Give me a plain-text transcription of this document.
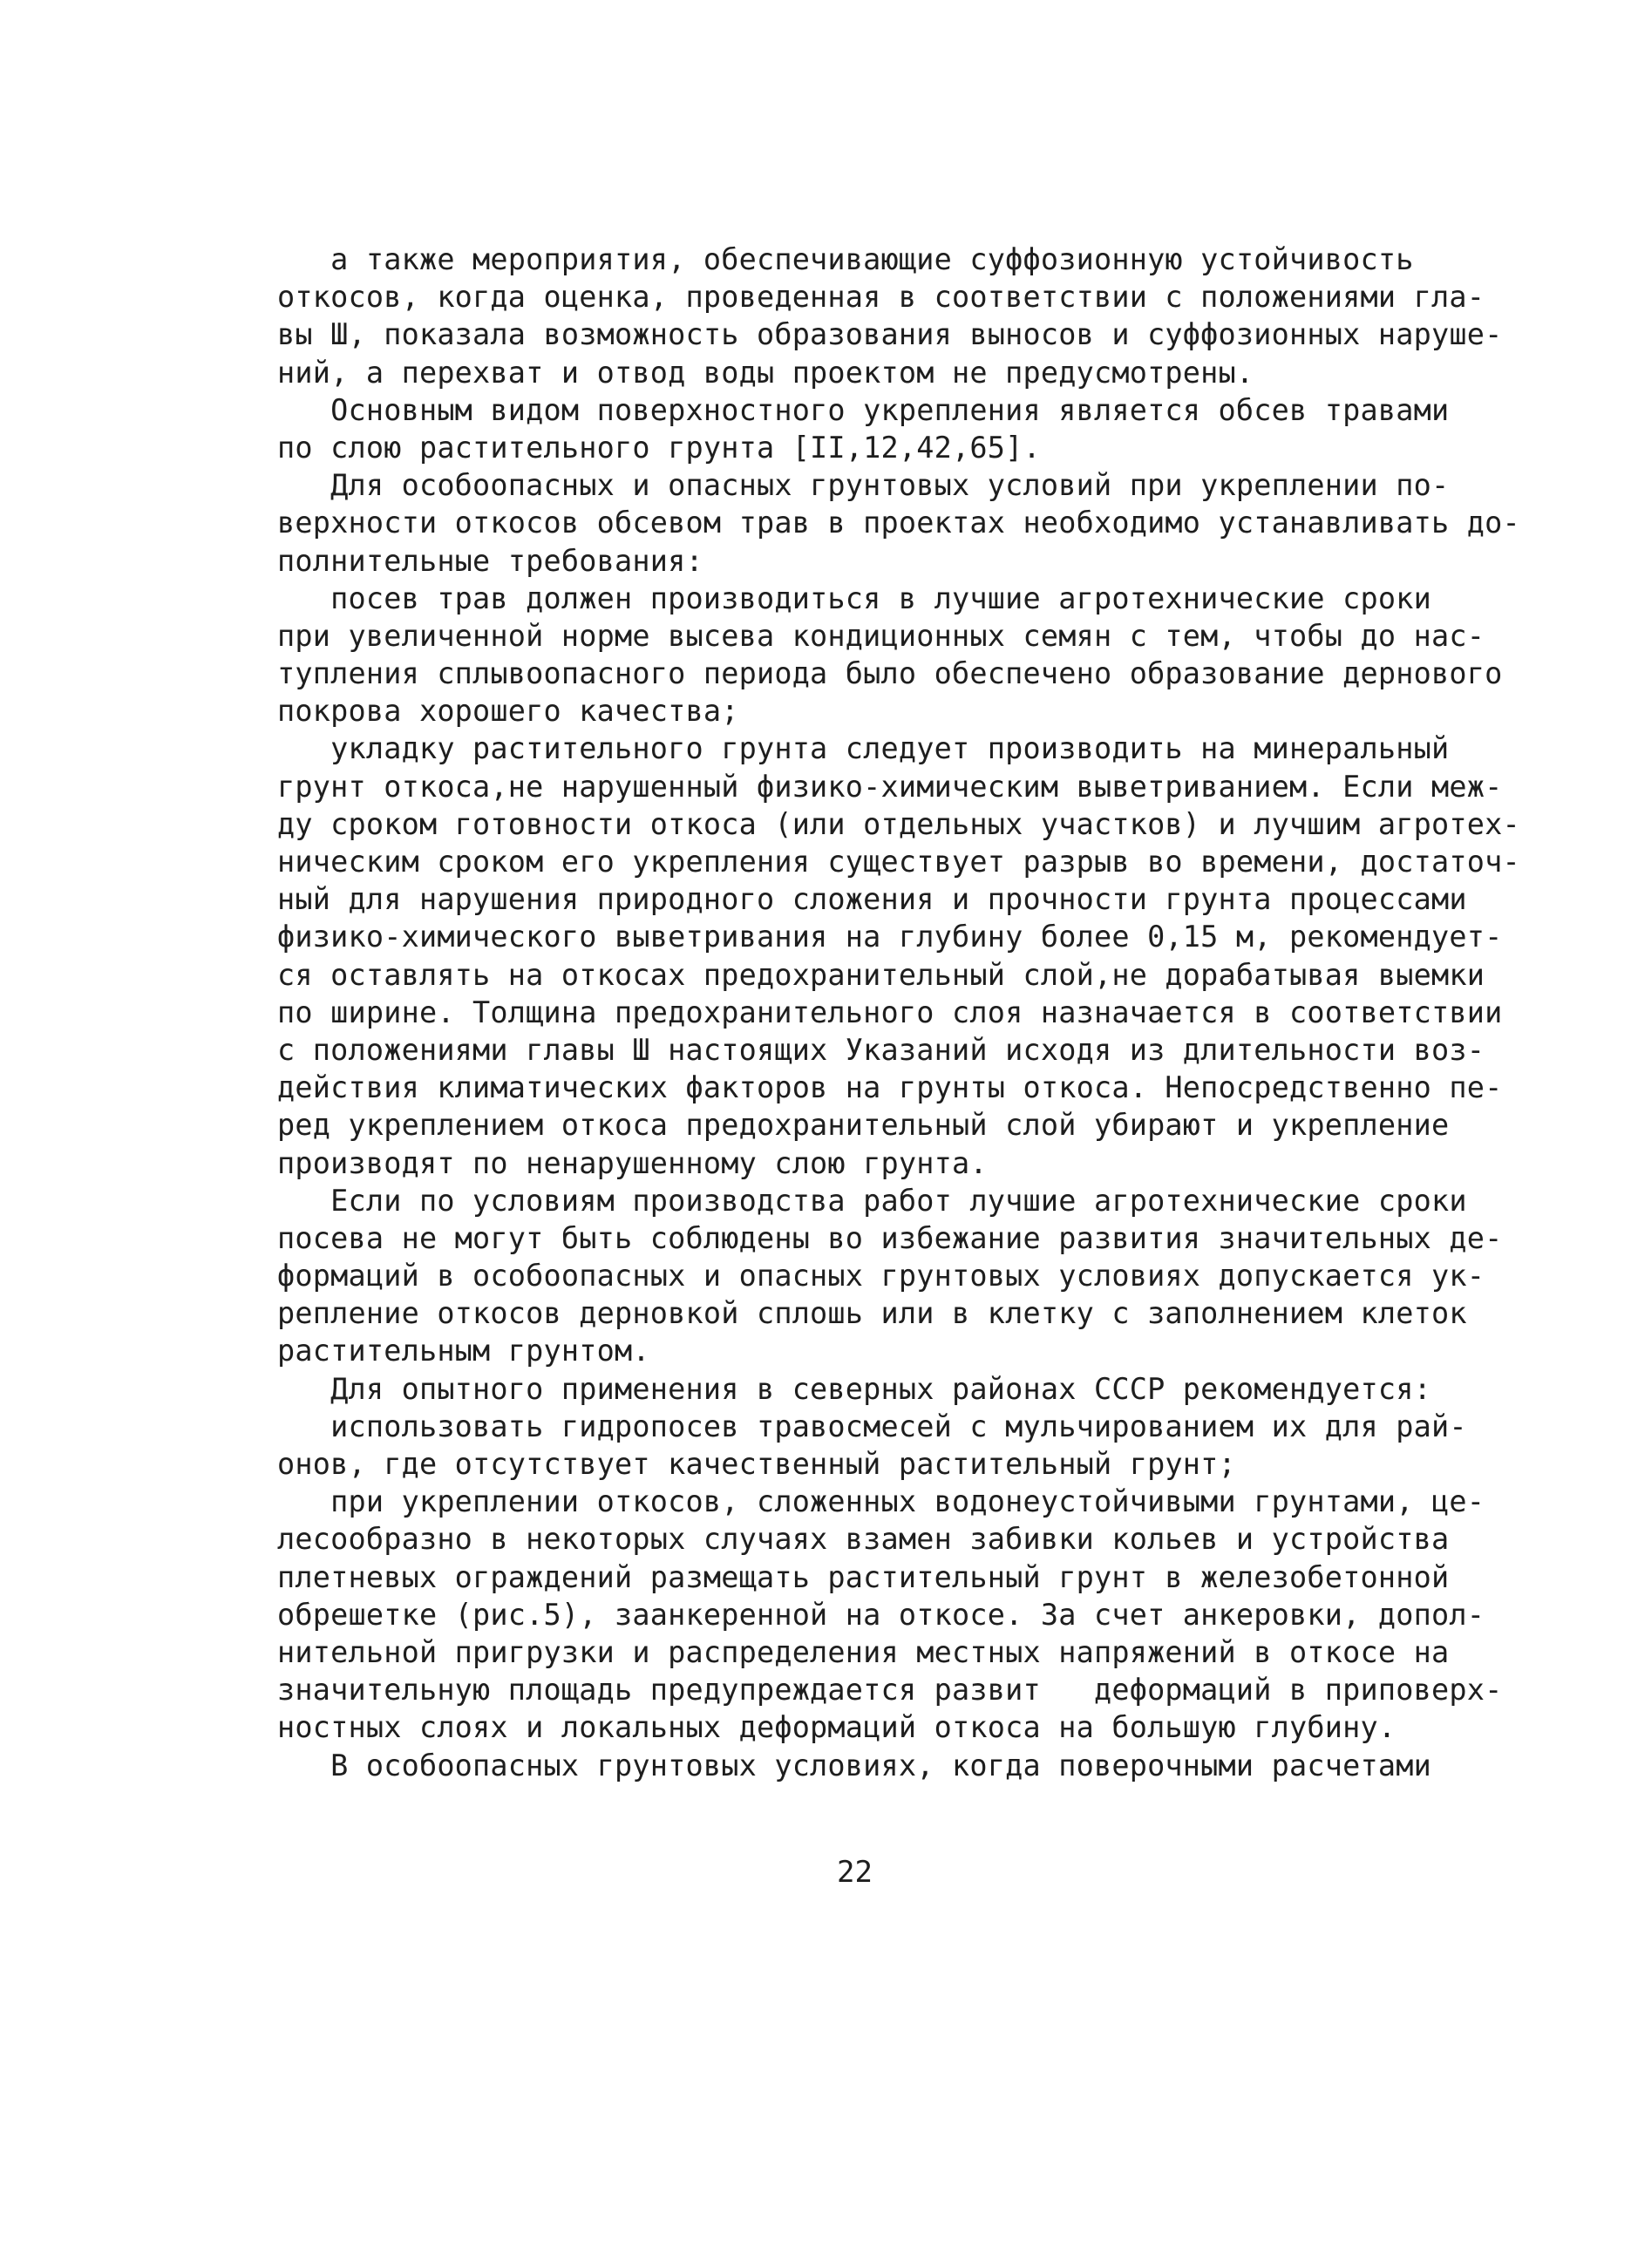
а также мероприятия, обеспечивающие суффозионную устойчивость
откосов, когда оценка, проведенная в соответствии с положениями гла-
вы Ш, показала возможность образования выносов и суффозионных наруше-
ний, а перехват и отвод воды проектом не предусмотрены.
Основным видом поверхностного укрепления является обсев травами
по слою растительного грунта [II,12,42,65].
Для особоопасных и опасных грунтовых условий при укреплении по-
верхности откосов обсевом трав в проектах необходимо устанавливать до-
полнительные требования:
посев трав должен производиться в лучшие агротехнические сроки
при увеличенной норме высева кондиционных семян с тем, чтобы до нас-
тупления сплывоопасного периода было обеспечено образование дернового
покрова хорошего качества;
укладку растительного грунта следует производить на минеральный
грунт откоса,не нарушенный физико-химическим выветриванием. Если меж-
ду сроком готовности откоса (или отдельных участков) и лучшим агротех-
ническим сроком его укрепления существует разрыв во времени, достаточ-
ный для нарушения природного сложения и прочности грунта процессами
физико-химического выветривания на глубину более 0,15 м, рекомендует-
ся оставлять на откосах предохранительный слой,не дорабатывая выемки
по ширине. Толщина предохранительного слоя назначается в соответствии
с положениями главы Ш настоящих Указаний исходя из длительности воз-
действия климатических факторов на грунты откоса. Непосредственно пе-
ред укреплением откоса предохранительный слой убирают и укрепление
производят по ненарушенному слою грунта.
Если по условиям производства работ лучшие агротехнические сроки
посева не могут быть соблюдены во избежание развития значительных де-
формаций в особоопасных и опасных грунтовых условиях допускается ук-
репление откосов дерновкой сплошь или в клетку с заполнением клеток
растительным грунтом.
Для опытного применения в северных районах СССР рекомендуется:
использовать гидропосев травосмесей с мульчированием их для рай-
онов, где отсутствует качественный растительный грунт;
при укреплении откосов, сложенных водонеустойчивыми грунтами, це-
лесообразно в некоторых случаях взамен забивки кольев и устройства
плетневых ограждений размещать растительный грунт в железобетонной
обрешетке (рис.5), заанкеренной на откосе. За счет анкеровки, допол-
нительной пригрузки и распределения местных напряжений в откосе на
значительную площадь предупреждается развит   деформаций в приповерх-
ностных слоях и локальных деформаций откоса на большую глубину.
В особоопасных грунтовых условиях, когда поверочными расчетами
22
